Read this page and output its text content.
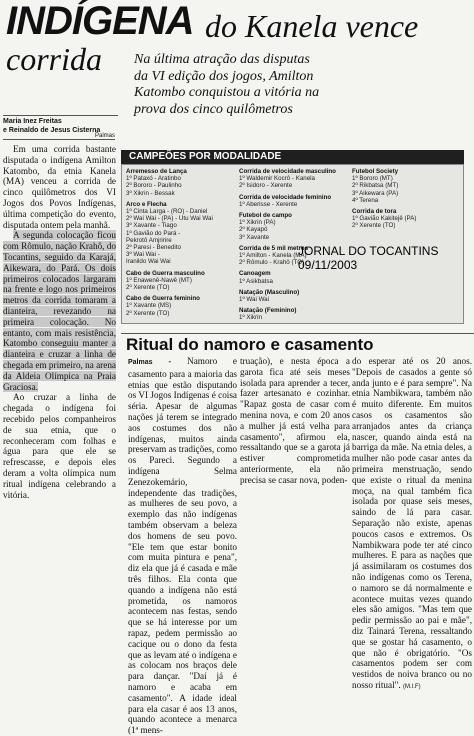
INDÍGENA do Kanela vence
corrida Na última atração das disputas
da VI edição dos jogos, Amilton
Katombo conquistou a vitória na
prova dos cinco quilômetros
Maria Inez Freitas
e Reinaldo de Jesus Cisterna
Palmas

Em uma corrida bastante disputada o indígena Amilton Katombo, da etnia Kanela (MA) venceu a corrida de cinco quilômetros dos VI Jogos dos Povos Indígenas, última competição do evento, disputada ontem pela manhã.

A segunda colocação ficou com Rômulo, nação Krahô, do Tocantins, seguido da Karajá, Aikewara, do Pará. Os dois primeiros colocados largaram na frente e logo nos primeiros metros da corrida tomaram a dianteira, revezando na primeira colocação. No entanto, com mais resistência, Katombo conseguiu manter a dianteira e cruzar a linha de chegada em primeiro, na arena da Aldeia Olímpica na Praia Graciosa.

Ao cruzar a linha de chegada o indígena foi recebido pelos companheiros de sua etnia, que o reconheceram com folhas e água para que ele se refrescasse, e depois eles deram a volta olímpica num ritual indígena celebrando a vitória.

CAMPEÕES POR MODALIDADE
Arremesso de Lança
1º Pataxó - Aratinbo
2º Bororo - Paulinho
3º Xikrin - Bessak
Arco e Flecha
1º Cinta Larga - (RO) - Daniel
2º Wai Wai - (PA) - Utu Wai Wai
3º Xavante - Tiago
1º Gavião do Pará -
Pekrotô Amjririre
2º Paresi - Benedito
3º Wai Wai -
Iranildo Wai Wai
Cabo de Guerra masculino
1º Enawenê-Nawê (MT)
2º Xerente (TO)
Cabo de Guerra feminino
1º Xavante (MS)
2º Xerente (TO)
Corrida de velocidade masculino
1º Waldemir Kocrô - Kanela
2º Isidoro - Xerente
Corrida de velocidade feminino
1º Aberisse - Xerente
Futebol de campo
1º Xikrin (PA)
2º Kayapó
3º Xavante
Corrida de 5 mil metros
1º Amilton - Kanela (MA)
2º Rômulo - Krahô (TO)
Canoagem
1º Asikbatsa
Natação (Masculino)
1º Wai Wai
Natação (Feminino)
1º Xikrin
Futebol Society
1º Bororo (MT)
2º Rikbatsa (MT)
3º Aikewara (PA)
4º Terena
Corrida de tora
1º Gavião Kakitejê (PA)
2º Xerente (TO)
JORNAL DO TOCANTINS
09/11/2003
Ritual do namoro e casamento

Palmas - Namoro e casamento para a maioria das etnias que estão disputando os VI Jogos Indígenas é coisa séria. Apesar de algumas nações já terem se integrado aos costumes dos não indígenas, muitos ainda preservam as tradições, como os Pareci. Segundo a indígena Selma Zenezokemário, independente das tradições, as mulheres de seu povo, a exemplo das não indígenas também observam a beleza dos homens de seu povo. "Ele tem que estar bonito com muita pintura e pena", diz ela que já é casada e mãe três filhos. Ela conta que quando a indígena não está prometida, os namoros acontecem nas festas, sendo que se há interesse por um rapaz, pedem permissão ao cacique ou o dono da festa que as levam até o indígena e as colocam nos braços dele para dançar. "Daí já é namoro e acaba em casamento". A idade ideal para ela casar é aos 13 anos, quando acontece a menarca (1ª mens-

truação), e nesta época a garota fica até seis meses isolada para aprender a tecer, fazer artesanato e cozinhar. "Rapaz gosta de casar com menina nova, e com 20 anos a mulher já está velha para casamento", afirmou ela, ressaltando que se a garota já estiver comprometida anteriormente, ela não precisa se casar nova, poden-

do esperar até os 20 anos. "Depois de casados a gente só anda junto e é para sempre". Na etnia Nambikwara, também não é muito diferente. Em muitos casos os casamentos são arranjados antes da criança nascer, quando ainda está na barriga da mãe. Na etnia deles, a mulher não pode casar antes da primeira menstruação, sendo que existe o ritual da menina moça, na qual também fica isolada por quase seis meses, saindo de lá para casar. Separação não existe, apenas poucos casos e extremos. Os Nambikwara pode ter até cinco mulheres. E para as nações que já assimilaram os costumes dos não indígenas como os Terena, o namoro se dá normalmente e acontece muitas vezes quando eles são amigos. "Mas tem que pedir permissão ao pai e mãe", diz Tainará Terena, ressaltando que se gostar há casamento, o que não é obrigatório. "Os casamentos podem ser com vestidos de noiva branco ou no nosso ritual". (M.I.F)
